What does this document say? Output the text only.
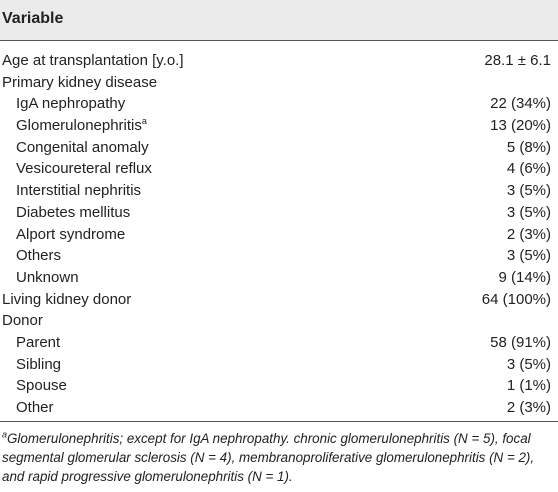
Variable
Age at transplantation [y.o.]	28.1 ± 6.1
Primary kidney disease
IgA nephropathy	22 (34%)
Glomerulonephritis$^a$	13 (20%)
Congenital anomaly	5 (8%)
Vesicoureteral reflux	4 (6%)
Interstitial nephritis	3 (5%)
Diabetes mellitus	3 (5%)
Alport syndrome	2 (3%)
Others	3 (5%)
Unknown	9 (14%)
Living kidney donor	64 (100%)
Donor
Parent	58 (91%)
Sibling	3 (5%)
Spouse	1 (1%)
Other	2 (3%)
$^a$Glomerulonephritis; except for IgA nephropathy. chronic glomerulonephritis (N = 5), focal segmental glomerular sclerosis (N = 4), membranoproliferative glomerulonephritis (N = 2), and rapid progressive glomerulonephritis (N = 1).
